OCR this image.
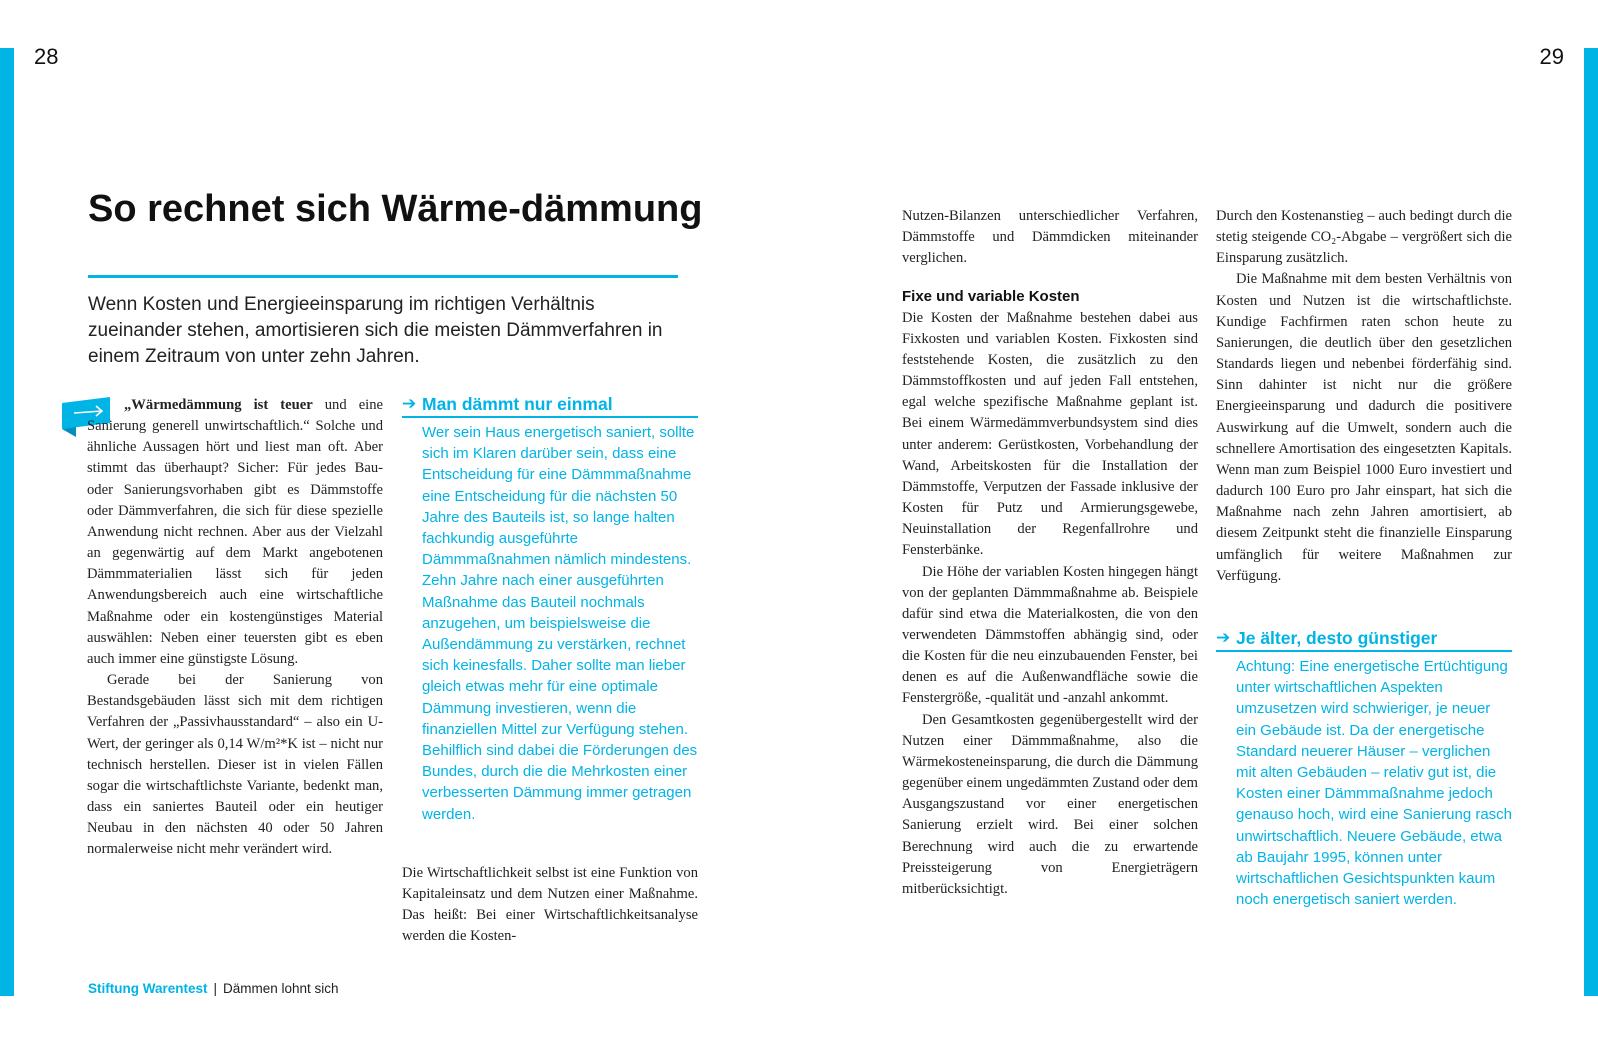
28	29
So rechnet sich Wärme-dämmung

Wenn Kosten und Energieeinsparung im richtigen Verhältnis zueinander stehen, amortisieren sich die meisten Dämmverfahren in einem Zeitraum von unter zehn Jahren.

„Wärmedämmung ist teuer und eine Sanierung generell unwirtschaftlich.“ Solche und ähnliche Aussagen hört und liest man oft. Aber stimmt das überhaupt? Sicher: Für jedes Bau- oder Sanierungsvorhaben gibt es Dämmstoffe oder Dämmverfahren, die sich für diese spezielle Anwendung nicht rechnen. Aber aus der Vielzahl an gegenwärtig auf dem Markt angebotenen Dämmmaterialien lässt sich für jeden Anwendungsbereich auch eine wirtschaftliche Maßnahme oder ein kostengünstiges Material auswählen: Neben einer teuersten gibt es eben auch immer eine günstigste Lösung.

Gerade bei der Sanierung von Bestandsgebäuden lässt sich mit dem richtigen Verfahren der „Passivhausstandard“ – also ein U-Wert, der geringer als 0,14 W/m²*K ist – nicht nur technisch herstellen. Dieser ist in vielen Fällen sogar die wirtschaftlichste Variante, bedenkt man, dass ein saniertes Bauteil oder ein heutiger Neubau in den nächsten 40 oder 50 Jahren normalerweise nicht mehr verändert wird.

➔ Man dämmt nur einmal

Wer sein Haus energetisch saniert, sollte sich im Klaren darüber sein, dass eine Entscheidung für eine Dämmmaßnahme eine Entscheidung für die nächsten 50 Jahre des Bauteils ist, so lange halten fachkundig ausgeführte Dämmmaßnahmen nämlich mindestens. Zehn Jahre nach einer ausgeführten Maßnahme das Bauteil nochmals anzugehen, um beispielsweise die Außendämmung zu verstärken, rechnet sich keinesfalls. Daher sollte man lieber gleich etwas mehr für eine optimale Dämmung investieren, wenn die finanziellen Mittel zur Verfügung stehen. Behilflich sind dabei die Förderungen des Bundes, durch die die Mehrkosten einer verbesserten Dämmung immer getragen werden.

Die Wirtschaftlichkeit selbst ist eine Funktion von Kapitaleinsatz und dem Nutzen einer Maßnahme. Das heißt: Bei einer Wirtschaftlichkeitsanalyse werden die Kosten-

Nutzen-Bilanzen unterschiedlicher Verfahren, Dämmstoffe und Dämmdicken miteinander verglichen.

Fixe und variable Kosten

Die Kosten der Maßnahme bestehen dabei aus Fixkosten und variablen Kosten. Fixkosten sind feststehende Kosten, die zusätzlich zu den Dämmstoffkosten und auf jeden Fall entstehen, egal welche spezifische Maßnahme geplant ist. Bei einem Wärmedämmverbundsystem sind dies unter anderem: Gerüstkosten, Vorbehandlung der Wand, Arbeitskosten für die Installation der Dämmstoffe, Verputzen der Fassade inklusive der Kosten für Putz und Armierungsgewebe, Neuinstallation der Regenfallrohre und Fensterbänke.

Die Höhe der variablen Kosten hingegen hängt von der geplanten Dämmmaßnahme ab. Beispiele dafür sind etwa die Materialkosten, die von den verwendeten Dämmstoffen abhängig sind, oder die Kosten für die neu einzubauenden Fenster, bei denen es auf die Außenwandfläche sowie die Fenstergröße, -qualität und -anzahl ankommt.

Den Gesamtkosten gegenübergestellt wird der Nutzen einer Dämmmaßnahme, also die Wärmekosteneinsparung, die durch die Dämmung gegenüber einem ungedämmten Zustand oder dem Ausgangszustand vor einer energetischen Sanierung erzielt wird. Bei einer solchen Berechnung wird auch die zu erwartende Preissteigerung von Energieträgern mitberücksichtigt.

Durch den Kostenanstieg – auch bedingt durch die stetig steigende CO₂-Abgabe – vergrößert sich die Einsparung zusätzlich.

Die Maßnahme mit dem besten Verhältnis von Kosten und Nutzen ist die wirtschaftlichste. Kundige Fachfirmen raten schon heute zu Sanierungen, die deutlich über den gesetzlichen Standards liegen und nebenbei förderfähig sind. Sinn dahinter ist nicht nur die größere Energieeinsparung und dadurch die positivere Auswirkung auf die Umwelt, sondern auch die schnellere Amortisation des eingesetzten Kapitals. Wenn man zum Beispiel 1000 Euro investiert und dadurch 100 Euro pro Jahr einspart, hat sich die Maßnahme nach zehn Jahren amortisiert, ab diesem Zeitpunkt steht die finanzielle Einsparung umfänglich für weitere Maßnahmen zur Verfügung.

➔ Je älter, desto günstiger

Achtung: Eine energetische Ertüchtigung unter wirtschaftlichen Aspekten umzusetzen wird schwieriger, je neuer ein Gebäude ist. Da der energetische Standard neuerer Häuser – verglichen mit alten Gebäuden – relativ gut ist, die Kosten einer Dämmmaßnahme jedoch genauso hoch, wird eine Sanierung rasch unwirtschaftlich. Neuere Gebäude, etwa ab Baujahr 1995, können unter wirtschaftlichen Gesichtspunkten kaum noch energetisch saniert werden.

Stiftung Warentest | Dämmen lohnt sich
